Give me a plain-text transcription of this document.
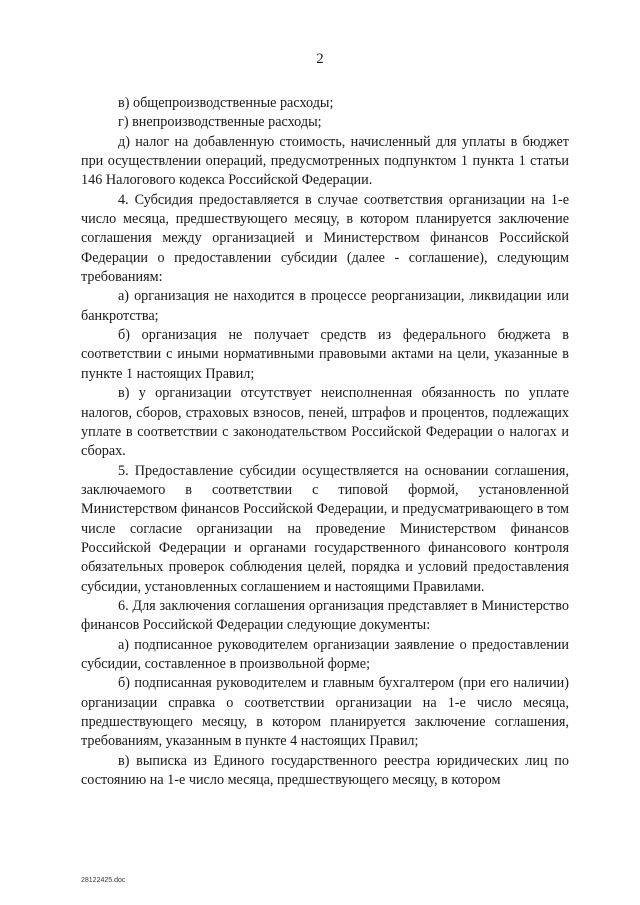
2

в) общепроизводственные расходы;

г) внепроизводственные расходы;

д) налог на добавленную стоимость, начисленный для уплаты в бюджет при осуществлении операций, предусмотренных подпунктом 1 пункта 1 статьи 146 Налогового кодекса Российской Федерации.

4. Субсидия предоставляется в случае соответствия организации на 1-е число месяца, предшествующего месяцу, в котором планируется заключение соглашения между организацией и Министерством финансов Российской Федерации о предоставлении субсидии (далее - соглашение), следующим требованиям:

а) организация не находится в процессе реорганизации, ликвидации или банкротства;

б) организация не получает средств из федерального бюджета в соответствии с иными нормативными правовыми актами на цели, указанные в пункте 1 настоящих Правил;

в) у организации отсутствует неисполненная обязанность по уплате налогов, сборов, страховых взносов, пеней, штрафов и процентов, подлежащих уплате в соответствии с законодательством Российской Федерации о налогах и сборах.

5. Предоставление субсидии осуществляется на основании соглашения, заключаемого в соответствии с типовой формой, установленной Министерством финансов Российской Федерации, и предусматривающего в том числе согласие организации на проведение Министерством финансов Российской Федерации и органами государственного финансового контроля обязательных проверок соблюдения целей, порядка и условий предоставления субсидии, установленных соглашением и настоящими Правилами.

6. Для заключения соглашения организация представляет в Министерство финансов Российской Федерации следующие документы:

а) подписанное руководителем организации заявление о предоставлении субсидии, составленное в произвольной форме;

б) подписанная руководителем и главным бухгалтером (при его наличии) организации справка о соответствии организации на 1-е число месяца, предшествующего месяцу, в котором планируется заключение соглашения, требованиям, указанным в пункте 4 настоящих Правил;

в) выписка из Единого государственного реестра юридических лиц по состоянию на 1-е число месяца, предшествующего месяцу, в котором

28122425.doc
